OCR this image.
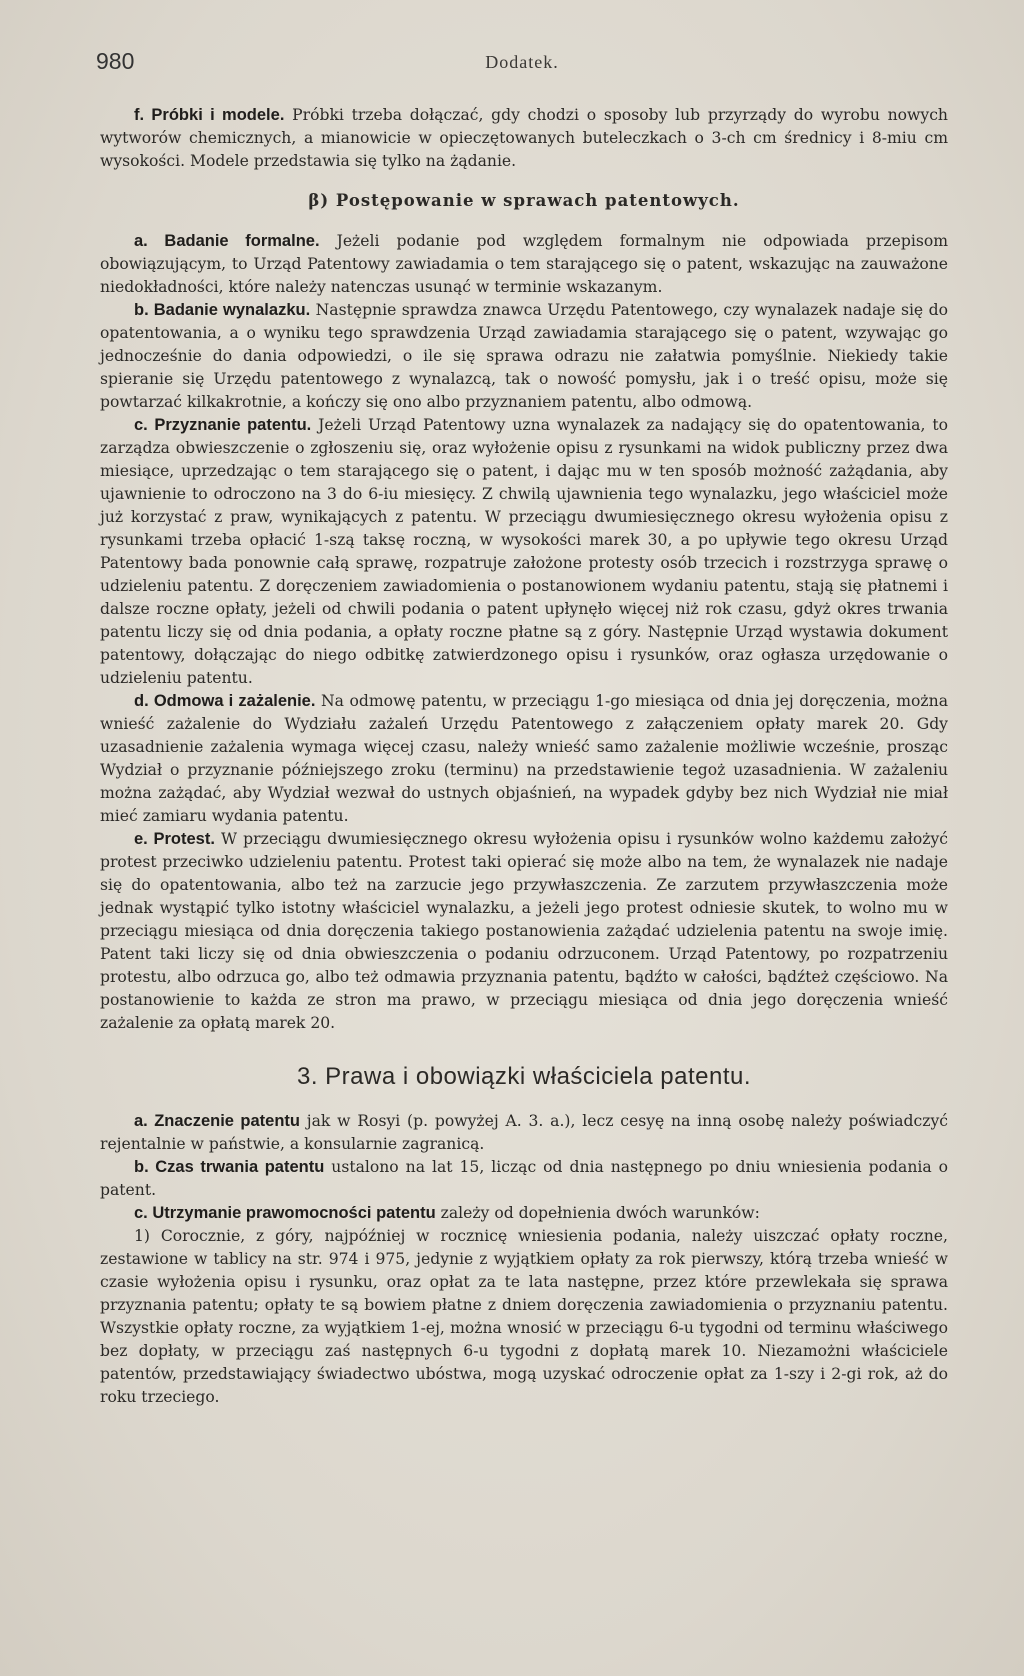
980	Dodatek.

f. Próbki i modele. Próbki trzeba dołączać, gdy chodzi o sposoby lub przyrządy do wyrobu nowych wytworów chemicznych, a mianowicie w opieczętowanych buteleczkach o 3-ch cm średnicy i 8-miu cm wysokości. Modele przedstawia się tylko na żądanie.

β) Postępowanie w sprawach patentowych.

a. Badanie formalne. Jeżeli podanie pod względem formalnym nie odpowiada przepisom obowiązującym, to Urząd Patentowy zawiadamia o tem starającego się o patent, wskazując na zauważone niedokładności, które należy natenczas usunąć w terminie wskazanym.

b. Badanie wynalazku. Następnie sprawdza znawca Urzędu Patentowego, czy wynalazek nadaje się do opatentowania, a o wyniku tego sprawdzenia Urząd zawiadamia starającego się o patent, wzywając go jednocześnie do dania odpowiedzi, o ile się sprawa odrazu nie załatwia pomyślnie. Niekiedy takie spieranie się Urzędu patentowego z wynalazcą, tak o nowość pomysłu, jak i o treść opisu, może się powtarzać kilkakrotnie, a kończy się ono albo przyznaniem patentu, albo odmową.

c. Przyznanie patentu. Jeżeli Urząd Patentowy uzna wynalazek za nadający się do opatentowania, to zarządza obwieszczenie o zgłoszeniu się, oraz wyłożenie opisu z rysunkami na widok publiczny przez dwa miesiące, uprzedzając o tem starającego się o patent, i dając mu w ten sposób możność zażądania, aby ujawnienie to odroczono na 3 do 6-iu miesięcy. Z chwilą ujawnienia tego wynalazku, jego właściciel może już korzystać z praw, wynikających z patentu. W przeciągu dwumiesięcznego okresu wyłożenia opisu z rysunkami trzeba opłacić 1-szą taksę roczną, w wysokości marek 30, a po upływie tego okresu Urząd Patentowy bada ponownie całą sprawę, rozpatruje założone protesty osób trzecich i rozstrzyga sprawę o udzieleniu patentu. Z doręczeniem zawiadomienia o postanowionem wydaniu patentu, stają się płatnemi i dalsze roczne opłaty, jeżeli od chwili podania o patent upłynęło więcej niż rok czasu, gdyż okres trwania patentu liczy się od dnia podania, a opłaty roczne płatne są z góry. Następnie Urząd wystawia dokument patentowy, dołączając do niego odbitkę zatwierdzonego opisu i rysunków, oraz ogłasza urzędowanie o udzieleniu patentu.

d. Odmowa i zażalenie. Na odmowę patentu, w przeciągu 1-go miesiąca od dnia jej doręczenia, można wnieść zażalenie do Wydziału zażaleń Urzędu Patentowego z załączeniem opłaty marek 20. Gdy uzasadnienie zażalenia wymaga więcej czasu, należy wnieść samo zażalenie możliwie wcześnie, prosząc Wydział o przyznanie późniejszego zroku (terminu) na przedstawienie tegoż uzasadnienia. W zażaleniu można zażądać, aby Wydział wezwał do ustnych objaśnień, na wypadek gdyby bez nich Wydział nie miał mieć zamiaru wydania patentu.

e. Protest. W przeciągu dwumiesięcznego okresu wyłożenia opisu i rysunków wolno każdemu założyć protest przeciwko udzieleniu patentu. Protest taki opierać się może albo na tem, że wynalazek nie nadaje się do opatentowania, albo też na zarzucie jego przywłaszczenia. Ze zarzutem przywłaszczenia może jednak wystąpić tylko istotny właściciel wynalazku, a jeżeli jego protest odniesie skutek, to wolno mu w przeciągu miesiąca od dnia doręczenia takiego postanowienia zażądać udzielenia patentu na swoje imię. Patent taki liczy się od dnia obwieszczenia o podaniu odrzuconem. Urząd Patentowy, po rozpatrzeniu protestu, albo odrzuca go, albo też odmawia przyznania patentu, bądźto w całości, bądźteż częściowo. Na postanowienie to każda ze stron ma prawo, w przeciągu miesiąca od dnia jego doręczenia wnieść zażalenie za opłatą marek 20.

3. Prawa i obowiązki właściciela patentu.

a. Znaczenie patentu jak w Rosyi (p. powyżej A. 3. a.), lecz cesyę na inną osobę należy poświadczyć rejentalnie w państwie, a konsularnie zagranicą.

b. Czas trwania patentu ustalono na lat 15, licząc od dnia następnego po dniu wniesienia podania o patent.

c. Utrzymanie prawomocności patentu zależy od dopełnienia dwóch warunków:

1) Corocznie, z góry, najpóźniej w rocznicę wniesienia podania, należy uiszczać opłaty roczne, zestawione w tablicy na str. 974 i 975, jedynie z wyjątkiem opłaty za rok pierwszy, którą trzeba wnieść w czasie wyłożenia opisu i rysunku, oraz opłat za te lata następne, przez które przewlekała się sprawa przyznania patentu; opłaty te są bowiem płatne z dniem doręczenia zawiadomienia o przyznaniu patentu. Wszystkie opłaty roczne, za wyjątkiem 1-ej, można wnosić w przeciągu 6-u tygodni od terminu właściwego bez dopłaty, w przeciągu zaś następnych 6-u tygodni z dopłatą marek 10. Niezamożni właściciele patentów, przedstawiający świadectwo ubóstwa, mogą uzyskać odroczenie opłat za 1-szy i 2-gi rok, aż do roku trzeciego.
